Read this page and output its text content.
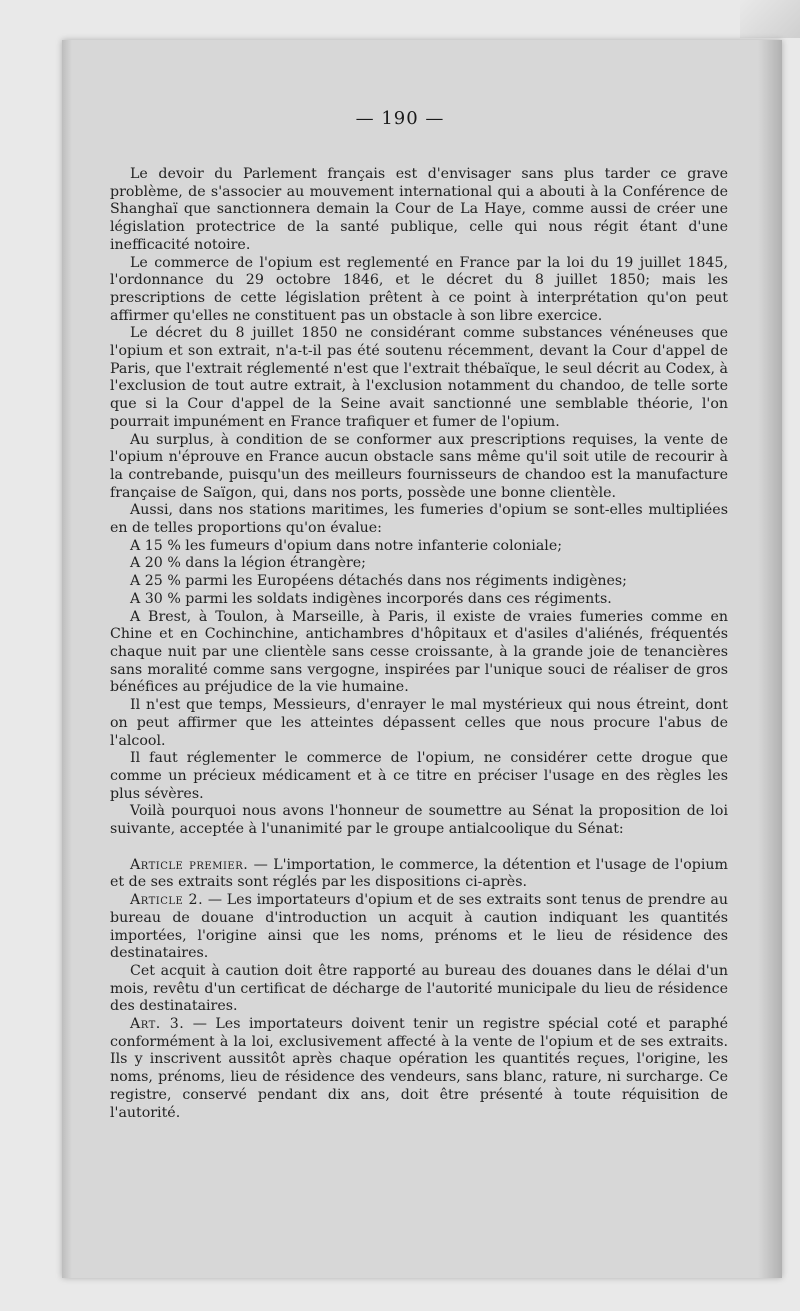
— 190 —

Le devoir du Parlement français est d'envisager sans plus tarder ce grave problème, de s'associer au mouvement international qui a abouti à la Conférence de Shanghaï que sanctionnera demain la Cour de La Haye, comme aussi de créer une législation protectrice de la santé publique, celle qui nous régit étant d'une inefficacité notoire.

Le commerce de l'opium est reglementé en France par la loi du 19 juillet 1845, l'ordonnance du 29 octobre 1846, et le décret du 8 juillet 1850; mais les prescriptions de cette législation prêtent à ce point à interprétation qu'on peut affirmer qu'elles ne constituent pas un obstacle à son libre exercice.

Le décret du 8 juillet 1850 ne considérant comme substances vénéneuses que l'opium et son extrait, n'a-t-il pas été soutenu récemment, devant la Cour d'appel de Paris, que l'extrait réglementé n'est que l'extrait thébaïque, le seul décrit au Codex, à l'exclusion de tout autre extrait, à l'exclusion notamment du chandoo, de telle sorte que si la Cour d'appel de la Seine avait sanctionné une semblable théorie, l'on pourrait impunément en France trafiquer et fumer de l'opium.

Au surplus, à condition de se conformer aux prescriptions requises, la vente de l'opium n'éprouve en France aucun obstacle sans même qu'il soit utile de recourir à la contrebande, puisqu'un des meilleurs fournisseurs de chandoo est la manufacture française de Saïgon, qui, dans nos ports, possède une bonne clientèle.

Aussi, dans nos stations maritimes, les fumeries d'opium se sont-elles multipliées en de telles proportions qu'on évalue:

A 15 % les fumeurs d'opium dans notre infanterie coloniale;

A 20 % dans la légion étrangère;

A 25 % parmi les Européens détachés dans nos régiments indigènes;

A 30 % parmi les soldats indigènes incorporés dans ces régiments.

A Brest, à Toulon, à Marseille, à Paris, il existe de vraies fumeries comme en Chine et en Cochinchine, antichambres d'hôpitaux et d'asiles d'aliénés, fréquentés chaque nuit par une clientèle sans cesse croissante, à la grande joie de tenancières sans moralité comme sans vergogne, inspirées par l'unique souci de réaliser de gros bénéfices au préjudice de la vie humaine.

Il n'est que temps, Messieurs, d'enrayer le mal mystérieux qui nous étreint, dont on peut affirmer que les atteintes dépassent celles que nous procure l'abus de l'alcool.

Il faut réglementer le commerce de l'opium, ne considérer cette drogue que comme un précieux médicament et à ce titre en préciser l'usage en des règles les plus sévères.

Voilà pourquoi nous avons l'honneur de soumettre au Sénat la proposition de loi suivante, acceptée à l'unanimité par le groupe antialcoolique du Sénat:

Article premier. — L'importation, le commerce, la détention et l'usage de l'opium et de ses extraits sont réglés par les dispositions ci-après.

Article 2. — Les importateurs d'opium et de ses extraits sont tenus de prendre au bureau de douane d'introduction un acquit à caution indiquant les quantités importées, l'origine ainsi que les noms, prénoms et le lieu de résidence des destinataires.

Cet acquit à caution doit être rapporté au bureau des douanes dans le délai d'un mois, revêtu d'un certificat de décharge de l'autorité municipale du lieu de résidence des destinataires.

Art. 3. — Les importateurs doivent tenir un registre spécial coté et paraphé conformément à la loi, exclusivement affecté à la vente de l'opium et de ses extraits. Ils y inscrivent aussitôt après chaque opération les quantités reçues, l'origine, les noms, prénoms, lieu de résidence des vendeurs, sans blanc, rature, ni surcharge. Ce registre, conservé pendant dix ans, doit être présenté à toute réquisition de l'autorité.
